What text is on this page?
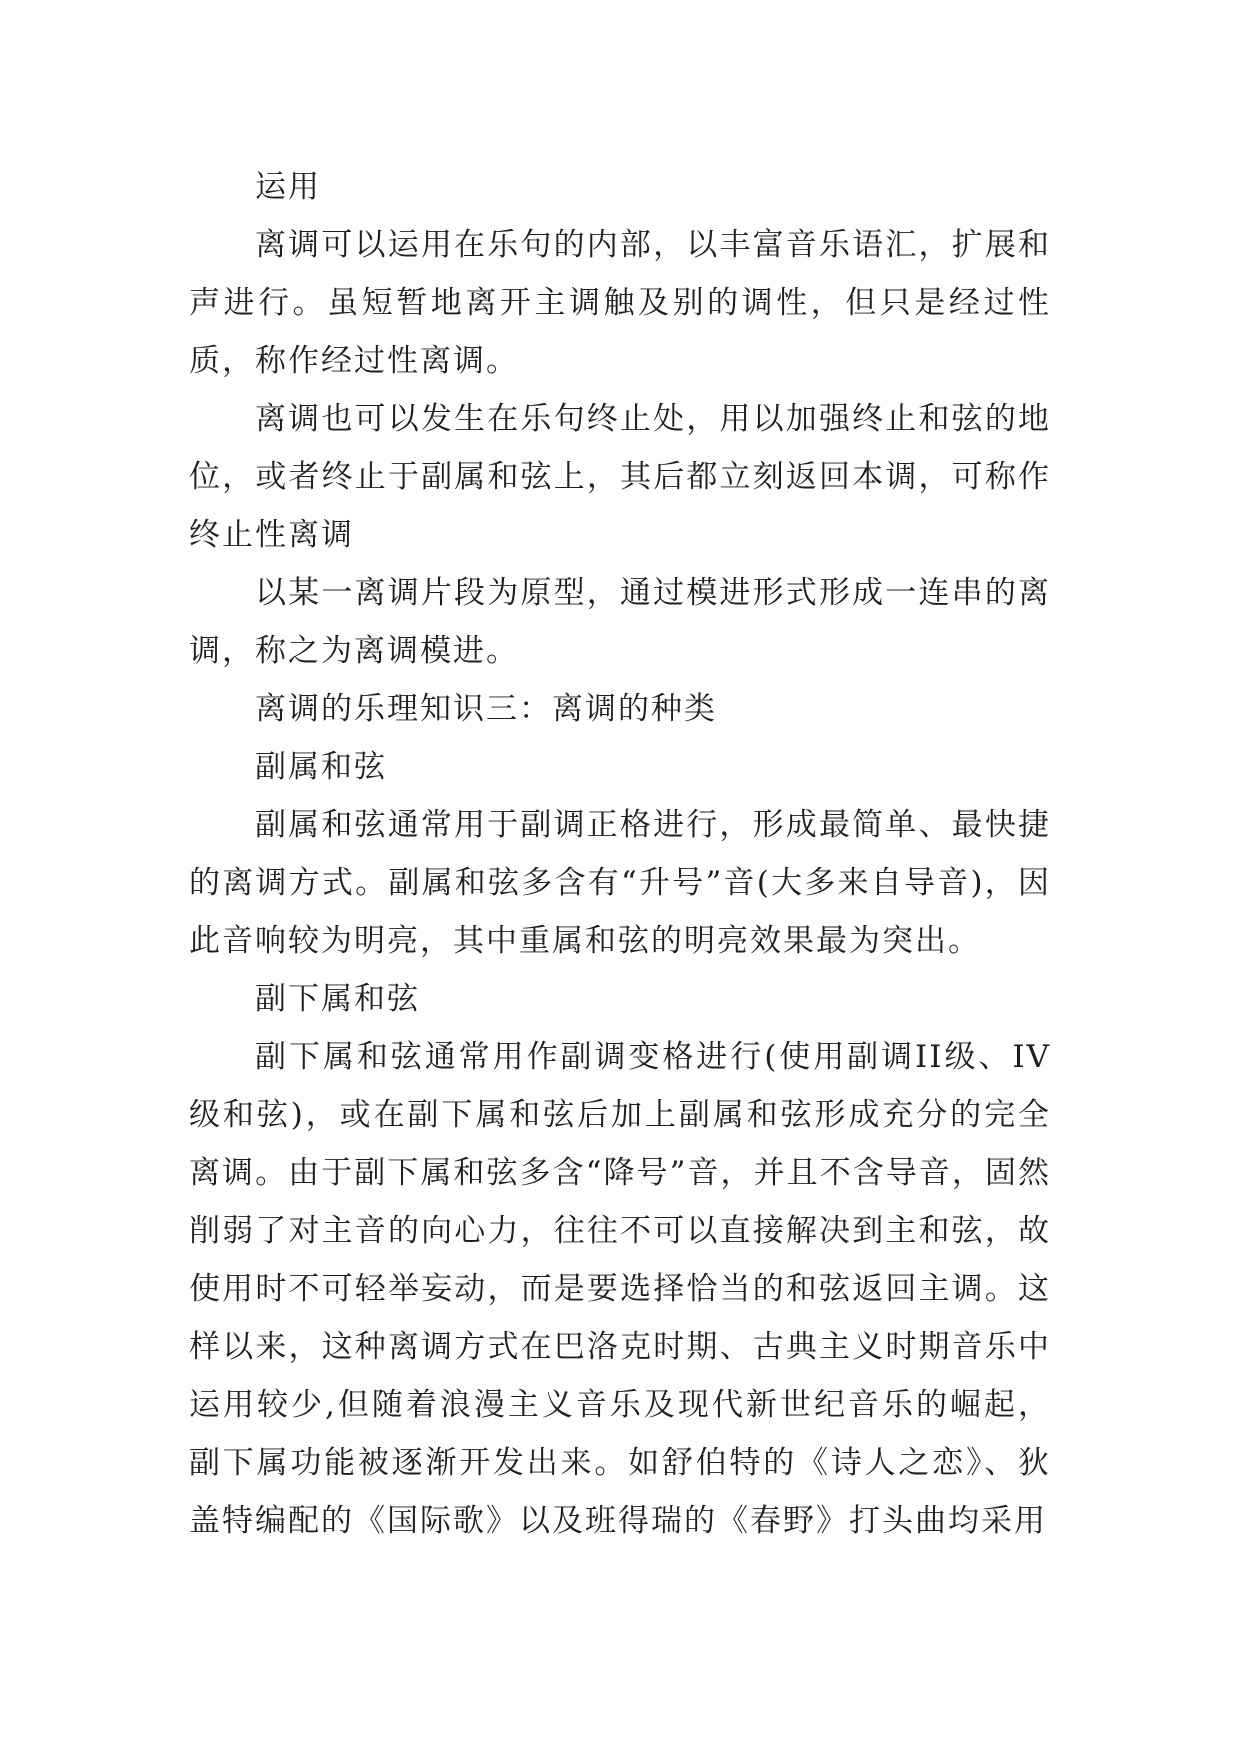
运用

离调可以运用在乐句的内部，以丰富音乐语汇，扩展和声进行。虽短暂地离开主调触及别的调性，但只是经过性质，称作经过性离调。

离调也可以发生在乐句终止处，用以加强终止和弦的地位，或者终止于副属和弦上，其后都立刻返回本调，可称作终止性离调

以某一离调片段为原型，通过模进形式形成一连串的离调，称之为离调模进。

离调的乐理知识三：离调的种类

副属和弦

副属和弦通常用于副调正格进行，形成最简单、最快捷的离调方式。副属和弦多含有“升号”音(大多来自导音)，因此音响较为明亮，其中重属和弦的明亮效果最为突出。

副下属和弦

副下属和弦通常用作副调变格进行(使用副调II级、IV级和弦)，或在副下属和弦后加上副属和弦形成充分的完全离调。由于副下属和弦多含“降号”音，并且不含导音，固然削弱了对主音的向心力，往往不可以直接解决到主和弦，故使用时不可轻举妄动，而是要选择恰当的和弦返回主调。这样以来，这种离调方式在巴洛克时期、古典主义时期音乐中运用较少,但随着浪漫主义音乐及现代新世纪音乐的崛起，副下属功能被逐渐开发出来。如舒伯特的《诗人之恋》、狄盖特编配的《国际歌》以及班得瑞的《春野》打头曲均采用
